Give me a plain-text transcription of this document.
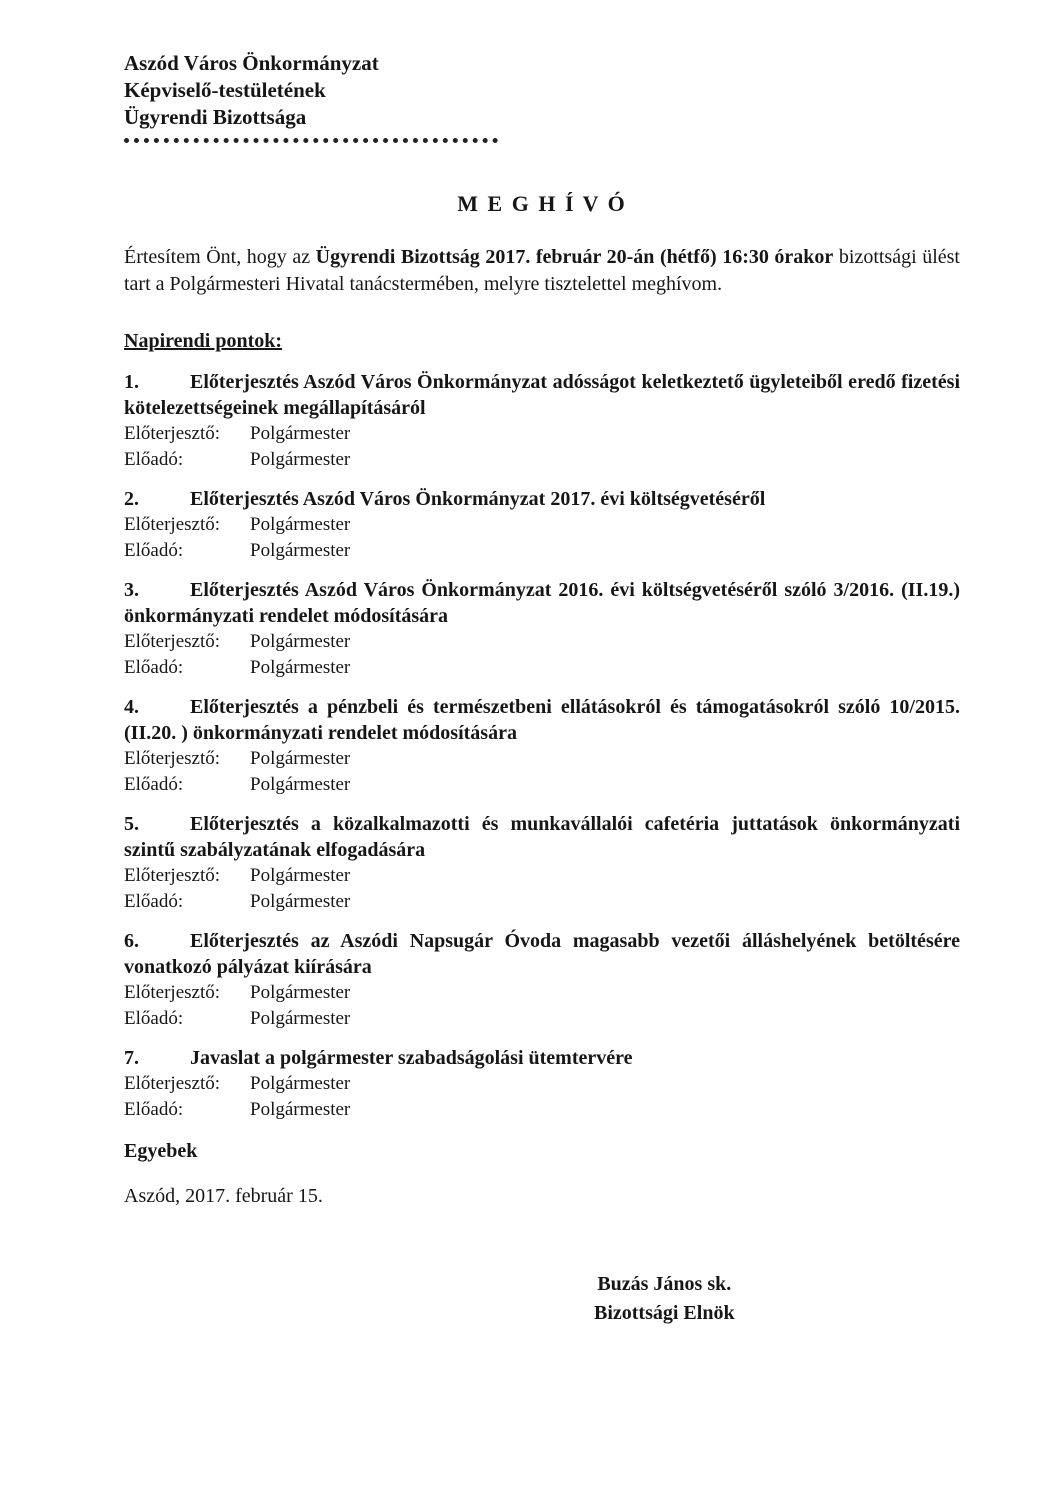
Aszód Város Önkormányzat

Képviselő-testületének

Ügyrendi Bizottsága

M E G H Í V Ó

Értesítem Önt, hogy az Ügyrendi Bizottság 2017. február 20-án (hétfő) 16:30 órakor bizottsági ülést tart a Polgármesteri Hivatal tanácstermében, melyre tisztelettel meghívom.

Napirendi pontok:

1.	Előterjesztés Aszód Város Önkormányzat adósságot keletkeztető ügyleteiből eredő fizetési kötelezettségeinek megállapításáról

Előterjesztő: Polgármester
Előadó:	Polgármester

2.	Előterjesztés Aszód Város Önkormányzat 2017. évi költségvetéséről

Előterjesztő: Polgármester
Előadó:	Polgármester

3.	Előterjesztés Aszód Város Önkormányzat 2016. évi költségvetéséről szóló 3/2016. (II.19.) önkormányzati rendelet módosítására

Előterjesztő: Polgármester
Előadó:	Polgármester

4.	Előterjesztés a pénzbeli és természetbeni ellátásokról és támogatásokról szóló 10/2015. (II.20. ) önkormányzati rendelet módosítására

Előterjesztő: Polgármester
Előadó:	Polgármester

5.	Előterjesztés a közalkalmazotti és munkavállalói cafetéria juttatások önkormányzati szintű szabályzatának elfogadására

Előterjesztő: Polgármester
Előadó:	Polgármester

6.	Előterjesztés az Aszódi Napsugár Óvoda magasabb vezetői álláshelyének betöltésére vonatkozó pályázat kiírására

Előterjesztő: Polgármester
Előadó:	Polgármester

7.	Javaslat a polgármester szabadságolási ütemtervére

Előterjesztő: Polgármester
Előadó:	Polgármester

Egyebek

Aszód, 2017. február 15.

Buzás János sk.

Bizottsági Elnök
